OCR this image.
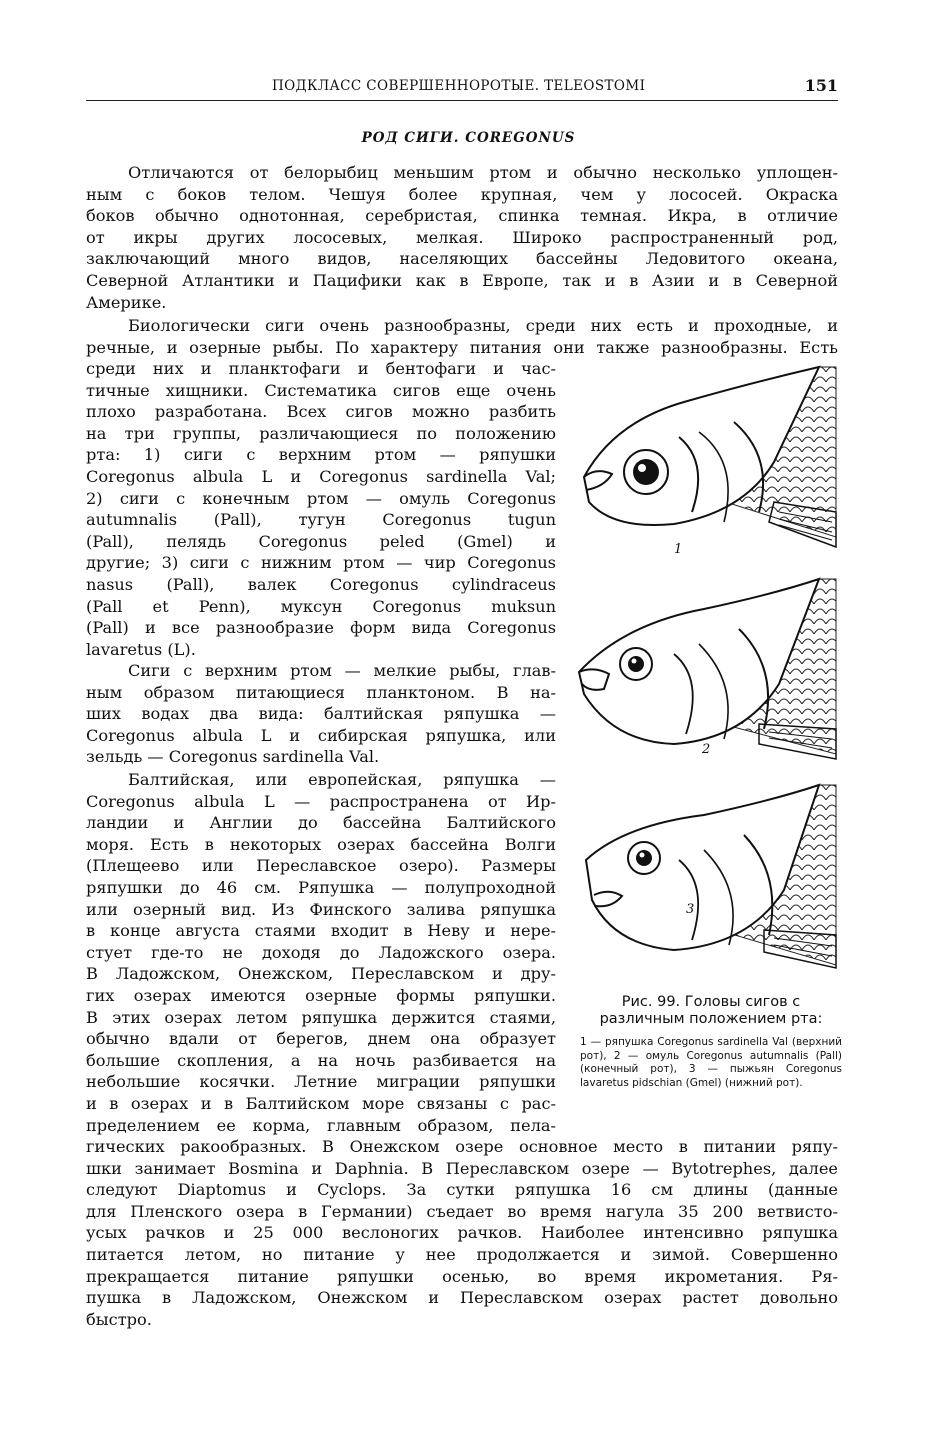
ПОДКЛАСС СОВЕРШЕННОРОТЫЕ. TELEOSTOMI	151
РОД СИГИ. COREGONUS
Отличаются от белорыбиц меньшим ртом и обычно несколько уплощен-
ным с боков телом. Чешуя более крупная, чем у лососей. Окраска
боков обычно однотонная, серебристая, спинка темная. Икра, в отличие
от икры других лососевых, мелкая. Широко распространенный род,
заключающий много видов, населяющих бассейны Ледовитого океана,
Северной Атлантики и Пацифики как в Европе, так и в Азии и в Северной
Америке.
Биологически сиги очень разнообразны, среди них есть и проходные, и
речные, и озерные рыбы. По характеру питания они также разнообразны. Есть
среди них и планктофаги и бентофаги и час-
тичные хищники. Систематика сигов еще очень
плохо разработана. Всех сигов можно разбить
на три группы, различающиеся по положению
рта: 1) сиги с верхним ртом — ряпушки
Coregonus albula L и Coregonus sardinella Val;
2) сиги с конечным ртом — омуль Coregonus
autumnalis (Pall), тугун Coregonus tugun
(Pall), пелядь Coregonus peled (Gmel) и
другие; 3) сиги с нижним ртом — чир Coregonus
nasus (Pall), валек Coregonus cylindraceus
(Pall et Penn), муксун Coregonus muksun
(Pall) и все разнообразие форм вида Coregonus
lavaretus (L).
Сиги с верхним ртом — мелкие рыбы, глав-
ным образом питающиеся планктоном. В на-
ших водах два вида: балтийская ряпушка —
Coregonus albula L и сибирская ряпушка, или
зельдь — Coregonus sardinella Val.
Балтийская, или европейская, ряпушка —
Coregonus albula L — распространена от Ир-
ландии и Англии до бассейна Балтийского
моря. Есть в некоторых озерах бассейна Волги
(Плещеево или Переславское озеро). Размеры
ряпушки до 46 см. Ряпушка — полупроходной
или озерный вид. Из Финского залива ряпушка
в конце августа стаями входит в Неву и нере-
стует где-то не доходя до Ладожского озера.
В Ладожском, Онежском, Переславском и дру-
гих озерах имеются озерные формы ряпушки.
В этих озерах летом ряпушка держится стаями,
обычно вдали от берегов, днем она образует
большие скопления, а на ночь разбивается на
небольшие косячки. Летние миграции ряпушки
и в озерах и в Балтийском море связаны с рас-
пределением ее корма, главным образом, пела-
гических ракообразных. В Онежском озере основное место в питании ряпу-
шки занимает Bosmina и Daphnia. В Переславском озере — Bytotrephes, далее
следуют Diaptomus и Cyclops. За сутки ряпушка 16 см длины (данные
для Пленского озера в Германии) съедает во время нагула 35 200 ветвисто-
усых рачков и 25 000 веслоногих рачков. Наиболее интенсивно ряпушка
питается летом, но питание у нее продолжается и зимой. Совершенно
прекращается питание ряпушки осенью, во время икрометания. Ря-
пушка в Ладожском, Онежском и Переславском озерах растет довольно
быстро.
1
2
3
Рис. 99. Головы сигов с различным положением рта:
1 — ряпушка Coregonus sardinella Val (верхний рот), 2 — омуль Coregonus autumnalis (Pall) (конечный рот), 3 — пыжьян Coregonus lavaretus pidschian (Gmel) (нижний рот).
